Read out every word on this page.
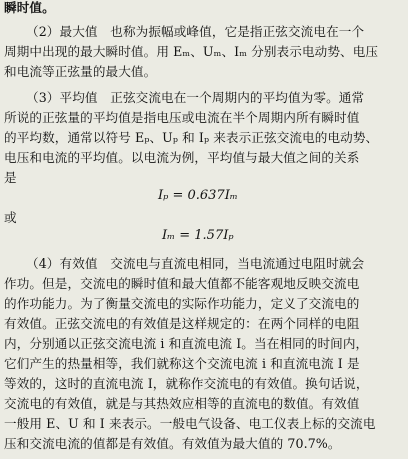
瞬时值。
（2）最大值　也称为振幅或峰值，它是指正弦交流电在一个
周期中出现的最大瞬时值。用 Eₘ、Uₘ、Iₘ 分别表示电动势、电压
和电流等正弦量的最大值。
（3）平均值　正弦交流电在一个周期内的平均值为零。通常
所说的正弦量的平均值是指电压或电流在半个周期内所有瞬时值
的平均数，通常以符号 Eₚ、Uₚ 和 Iₚ 来表示正弦交流电的电动势、
电压和电流的平均值。以电流为例，平均值与最大值之间的关系
是
Iₚ = 0.637Iₘ
或
Iₘ = 1.57Iₚ
（4）有效值　交流电与直流电相同，当电流通过电阻时就会
作功。但是，交流电的瞬时值和最大值都不能客观地反映交流电
的作功能力。为了衡量交流电的实际作功能力，定义了交流电的
有效值。正弦交流电的有效值是这样规定的：在两个同样的电阻
内，分别通以正弦交流电流 i 和直流电流 I。当在相同的时间内，
它们产生的热量相等，我们就称这个交流电流 i 和直流电流 I 是
等效的，这时的直流电流 I，就称作交流电的有效值。换句话说，
交流电的有效值，就是与其热效应相等的直流电的数值。有效值
一般用 E、U 和 I 来表示。一般电气设备、电工仪表上标的交流电
压和交流电流的值都是有效值。有效值为最大值的 70.7%。
